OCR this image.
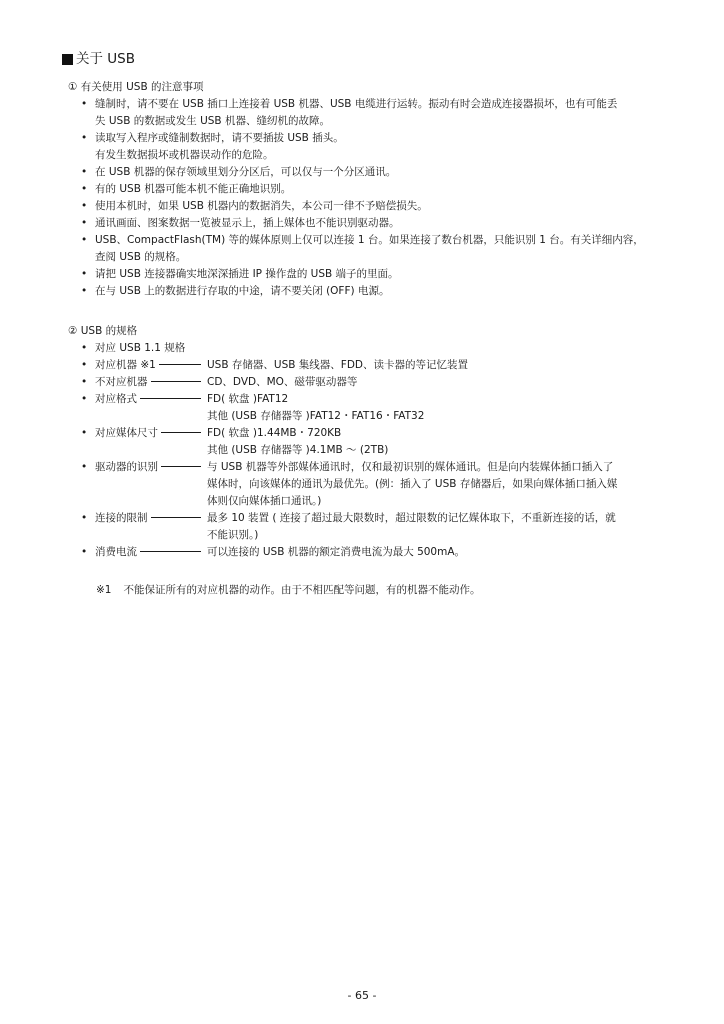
关于 USB
① 有关使用 USB 的注意事项
• 缝制时，请不要在 USB 插口上连接着 USB 机器、USB 电缆进行运转。振动有时会造成连接器损坏，也有可能丢
失 USB 的数据或发生 USB 机器、缝纫机的故障。
• 读取写入程序或缝制数据时，请不要插拔 USB 插头。
有发生数据损坏或机器误动作的危险。
• 在 USB 机器的保存领域里划分分区后，可以仅与一个分区通讯。
• 有的 USB 机器可能本机不能正确地识别。
• 使用本机时，如果 USB 机器内的数据消失，本公司一律不予赔偿损失。
• 通讯画面、图案数据一览被显示上，插上媒体也不能识别驱动器。
• USB、CompactFlash(TM) 等的媒体原则上仅可以连接 1 台。如果连接了数台机器，只能识别 1 台。有关详细内容，
查阅 USB 的规格。
• 请把 USB 连接器确实地深深插进 IP 操作盘的 USB 端子的里面。
• 在与 USB 上的数据进行存取的中途，请不要关闭 (OFF) 电源。
② USB 的规格
• 对应 USB 1.1 规格
• 对应机器 ※1	USB 存储器、USB 集线器、FDD、读卡器的等记忆装置
• 不对应机器	CD、DVD、MO、磁带驱动器等
• 对应格式	FD( 软盘 )FAT12
其他 (USB 存储器等 )FAT12・FAT16・FAT32
• 对应媒体尺寸	FD( 软盘 )1.44MB・720KB
其他 (USB 存储器等 )4.1MB ～ (2TB)
• 驱动器的识别	与 USB 机器等外部媒体通讯时，仅和最初识别的媒体通讯。但是向内装媒体插口插入了
媒体时，向该媒体的通讯为最优先。(例：插入了 USB 存储器后，如果向媒体插口插入媒
体则仅向媒体插口通讯。)
• 连接的限制	最多 10 装置 ( 连接了超过最大限数时，超过限数的记忆媒体取下，不重新连接的话，就
不能识别。)
• 消费电流	可以连接的 USB 机器的额定消费电流为最大 500mA。
※1 不能保证所有的对应机器的动作。由于不相匹配等问题，有的机器不能动作。
- 65 -
